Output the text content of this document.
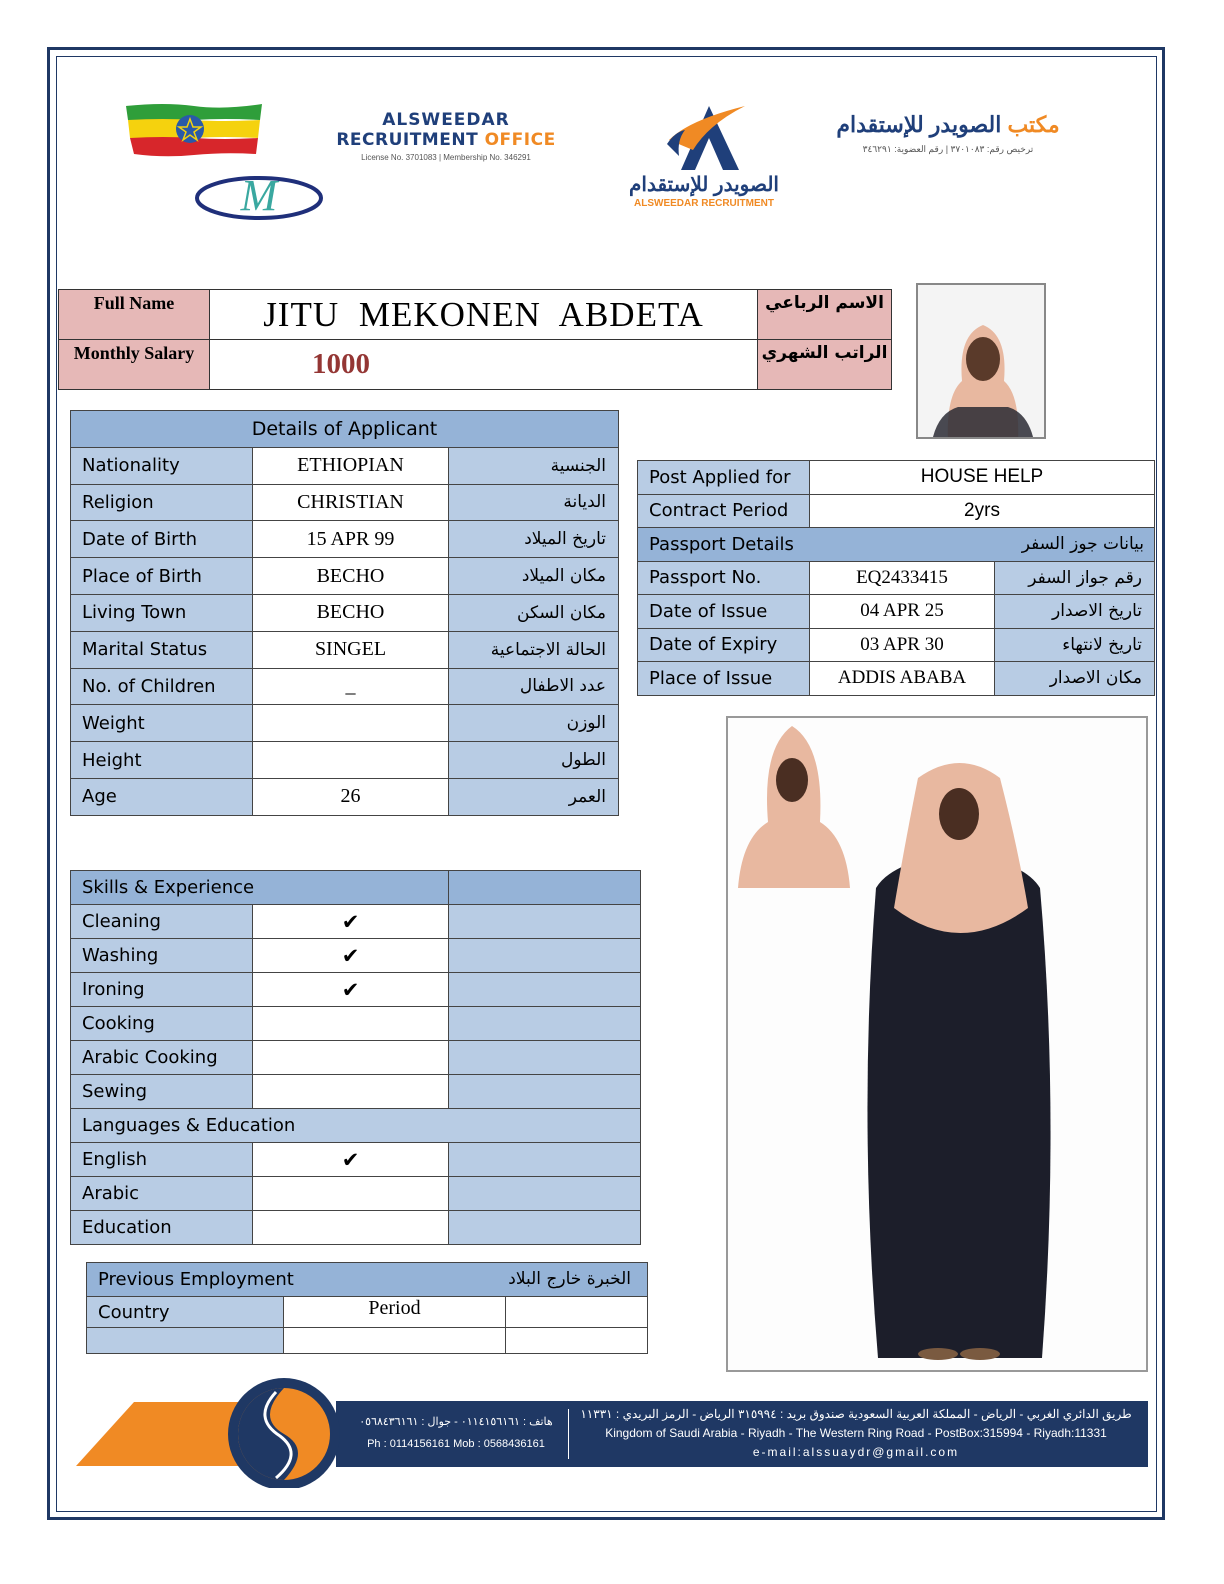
M
ALSWEEDAR
RECRUITMENT OFFICE
License No. 3701083 | Membership No. 346291
الصويدر للإستقدام
ALSWEEDAR RECRUITMENT
مكتب الصويدر للإستقدام
ترخيص رقم: ٣٧٠١٠٨٣ | رقم العضوية: ٣٤٦٢٩١
Full Name	JITU MEKONEN ABDETA	الاسم الرباعي
Monthly Salary	1000	الراتب الشهري
Details of Applicant		
Nationality	ETHIOPIAN	الجنسية
Religion	CHRISTIAN	الديانة
Date of Birth	15 APR 99	تاريخ الميلاد
Place of Birth	BECHO	مكان الميلاد
Living Town	BECHO	مكان السكن
Marital Status	SINGEL	الحالة الاجتماعية
No. of Children	_	عدد الاطفال
Weight		الوزن
Height		الطول
Age	26	العمر
Post Applied for	HOUSE HELP	
Contract Period	2yrs	
Passport Details بيانات جوز السفر		

Passport No.	EQ2433415	رقم جواز السفر
Date of Issue	04 APR 25	تاريخ الاصدار
Date of Expiry	03 APR 30	تاريخ لانتهاء
Place of Issue	ADDIS ABABA	مكان الاصدار
Skills & Experience		
Cleaning	✔	
Washing	✔	
Ironing	✔	
Cooking		
Arabic Cooking		
Sewing		
Languages & Education		
English	✔	
Arabic		
Education		
Previous Employment الخبرة خارج البلاد		

Country	Period	

هاتف : ٠١١٤١٥٦١٦١ - جوال : ٠٥٦٨٤٣٦١٦١
Ph : 0114156161 Mob : 0568436161
طريق الدائري الغربي - الرياض - المملكة العربية السعودية صندوق بريد : ٣١٥٩٩٤ الرياض - الرمز البريدي : ١١٣٣١
Kingdom of Saudi Arabia - Riyadh - The Western Ring Road - PostBox:315994 - Riyadh:11331
e-mail:alssuaydr@gmail.com
